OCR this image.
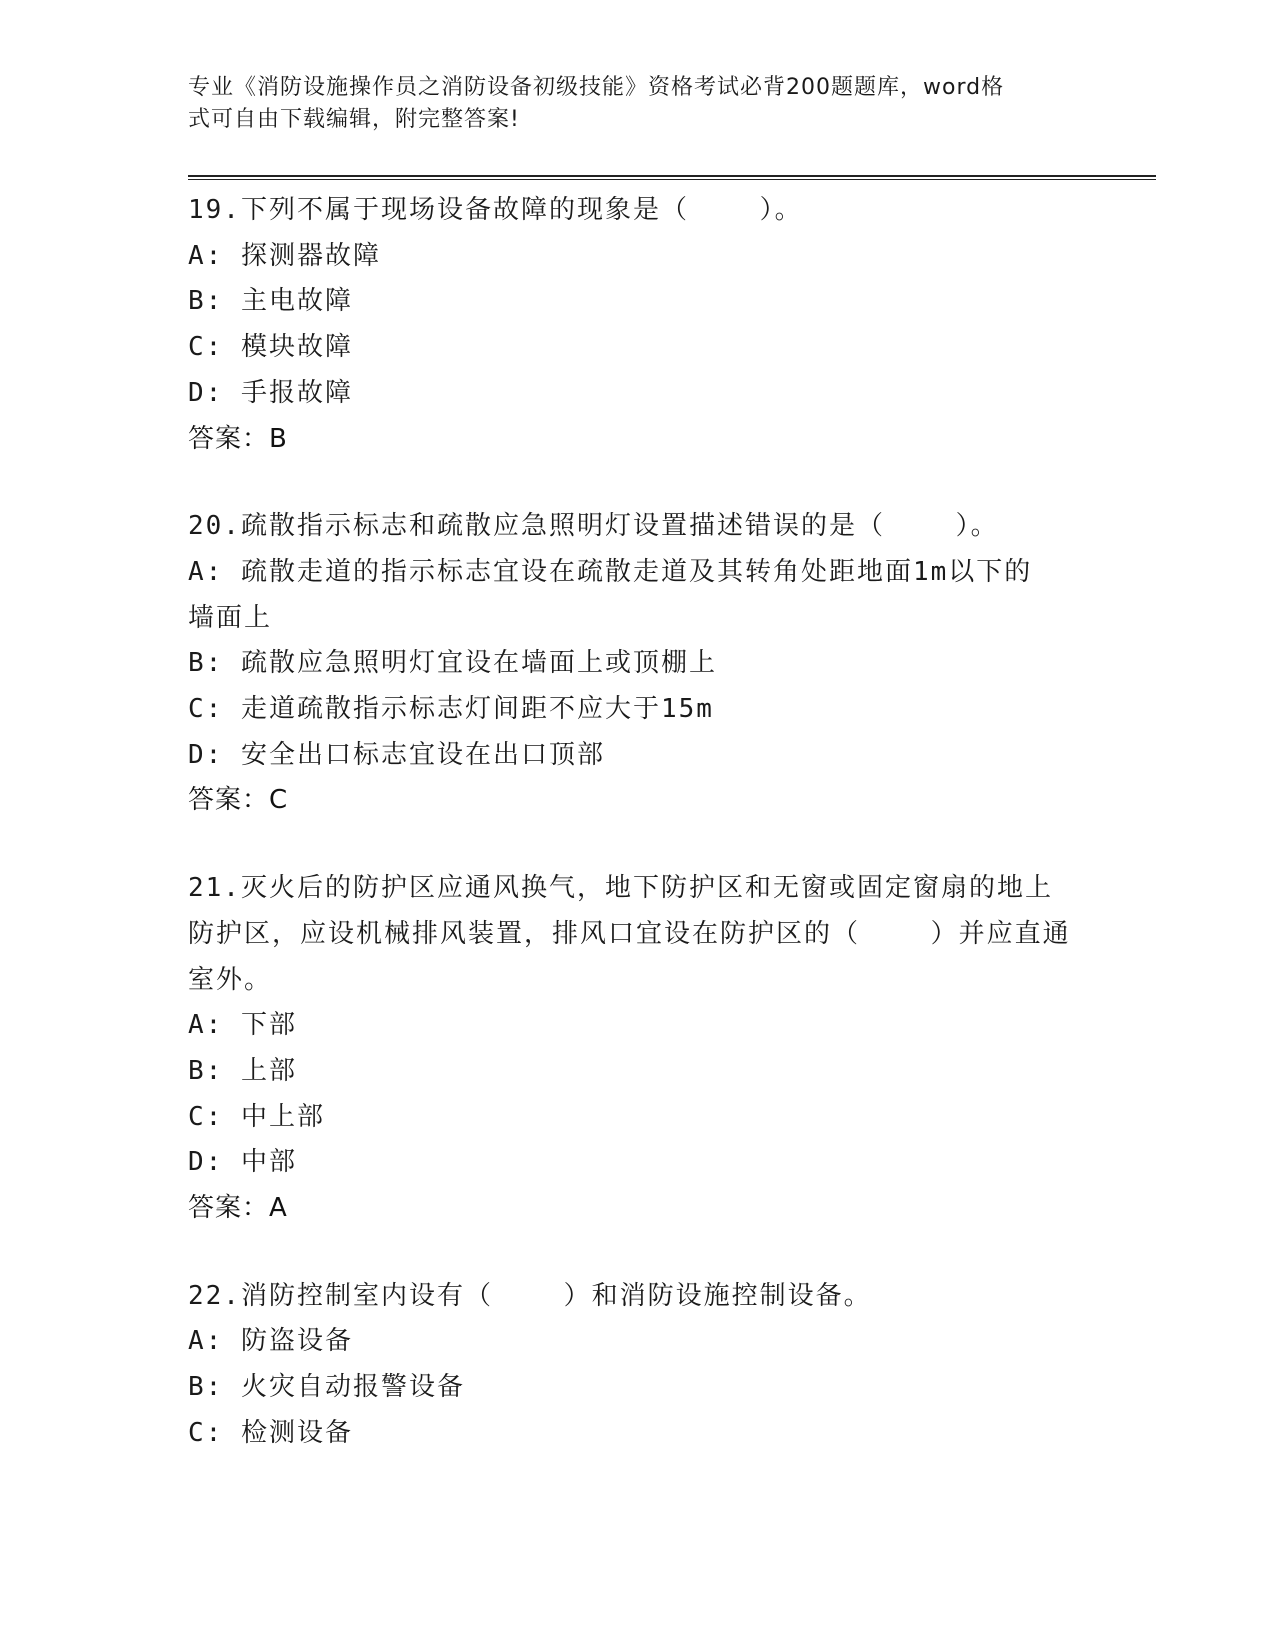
专业《消防设施操作员之消防设备初级技能》资格考试必背200题题库，word格
式可自由下载编辑，附完整答案!
19.下列不属于现场设备故障的现象是（    ）。
A: 探测器故障
B: 主电故障
C: 模块故障
D: 手报故障
答案：B
20.疏散指示标志和疏散应急照明灯设置描述错误的是（    ）。
A: 疏散走道的指示标志宜设在疏散走道及其转角处距地面1m以下的
墙面上
B: 疏散应急照明灯宜设在墙面上或顶棚上
C: 走道疏散指示标志灯间距不应大于15m
D: 安全出口标志宜设在出口顶部
答案：C
21.灭火后的防护区应通风换气，地下防护区和无窗或固定窗扇的地上
防护区，应设机械排风装置，排风口宜设在防护区的（    ）并应直通
室外。
A: 下部
B: 上部
C: 中上部
D: 中部
答案：A
22.消防控制室内设有（    ）和消防设施控制设备。
A: 防盗设备
B: 火灾自动报警设备
C: 检测设备
